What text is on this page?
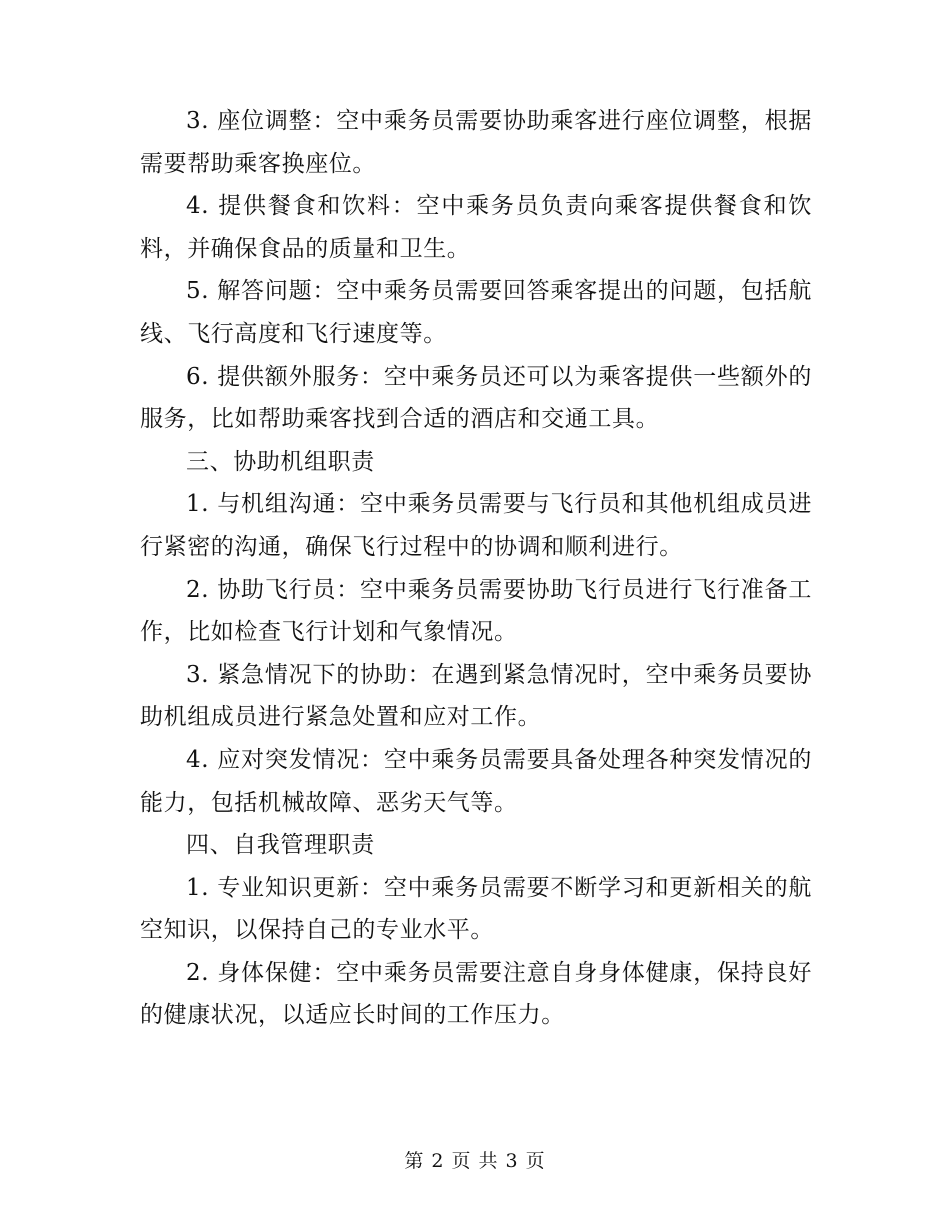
3. 座位调整：空中乘务员需要协助乘客进行座位调整，根据需要帮助乘客换座位。

4. 提供餐食和饮料：空中乘务员负责向乘客提供餐食和饮料，并确保食品的质量和卫生。

5. 解答问题：空中乘务员需要回答乘客提出的问题，包括航线、飞行高度和飞行速度等。

6. 提供额外服务：空中乘务员还可以为乘客提供一些额外的服务，比如帮助乘客找到合适的酒店和交通工具。

三、协助机组职责

1. 与机组沟通：空中乘务员需要与飞行员和其他机组成员进行紧密的沟通，确保飞行过程中的协调和顺利进行。

2. 协助飞行员：空中乘务员需要协助飞行员进行飞行准备工作，比如检查飞行计划和气象情况。

3. 紧急情况下的协助：在遇到紧急情况时，空中乘务员要协助机组成员进行紧急处置和应对工作。

4. 应对突发情况：空中乘务员需要具备处理各种突发情况的能力，包括机械故障、恶劣天气等。

四、自我管理职责

1. 专业知识更新：空中乘务员需要不断学习和更新相关的航空知识，以保持自己的专业水平。

2. 身体保健：空中乘务员需要注意自身身体健康，保持良好的健康状况，以适应长时间的工作压力。

第 2 页 共 3 页
